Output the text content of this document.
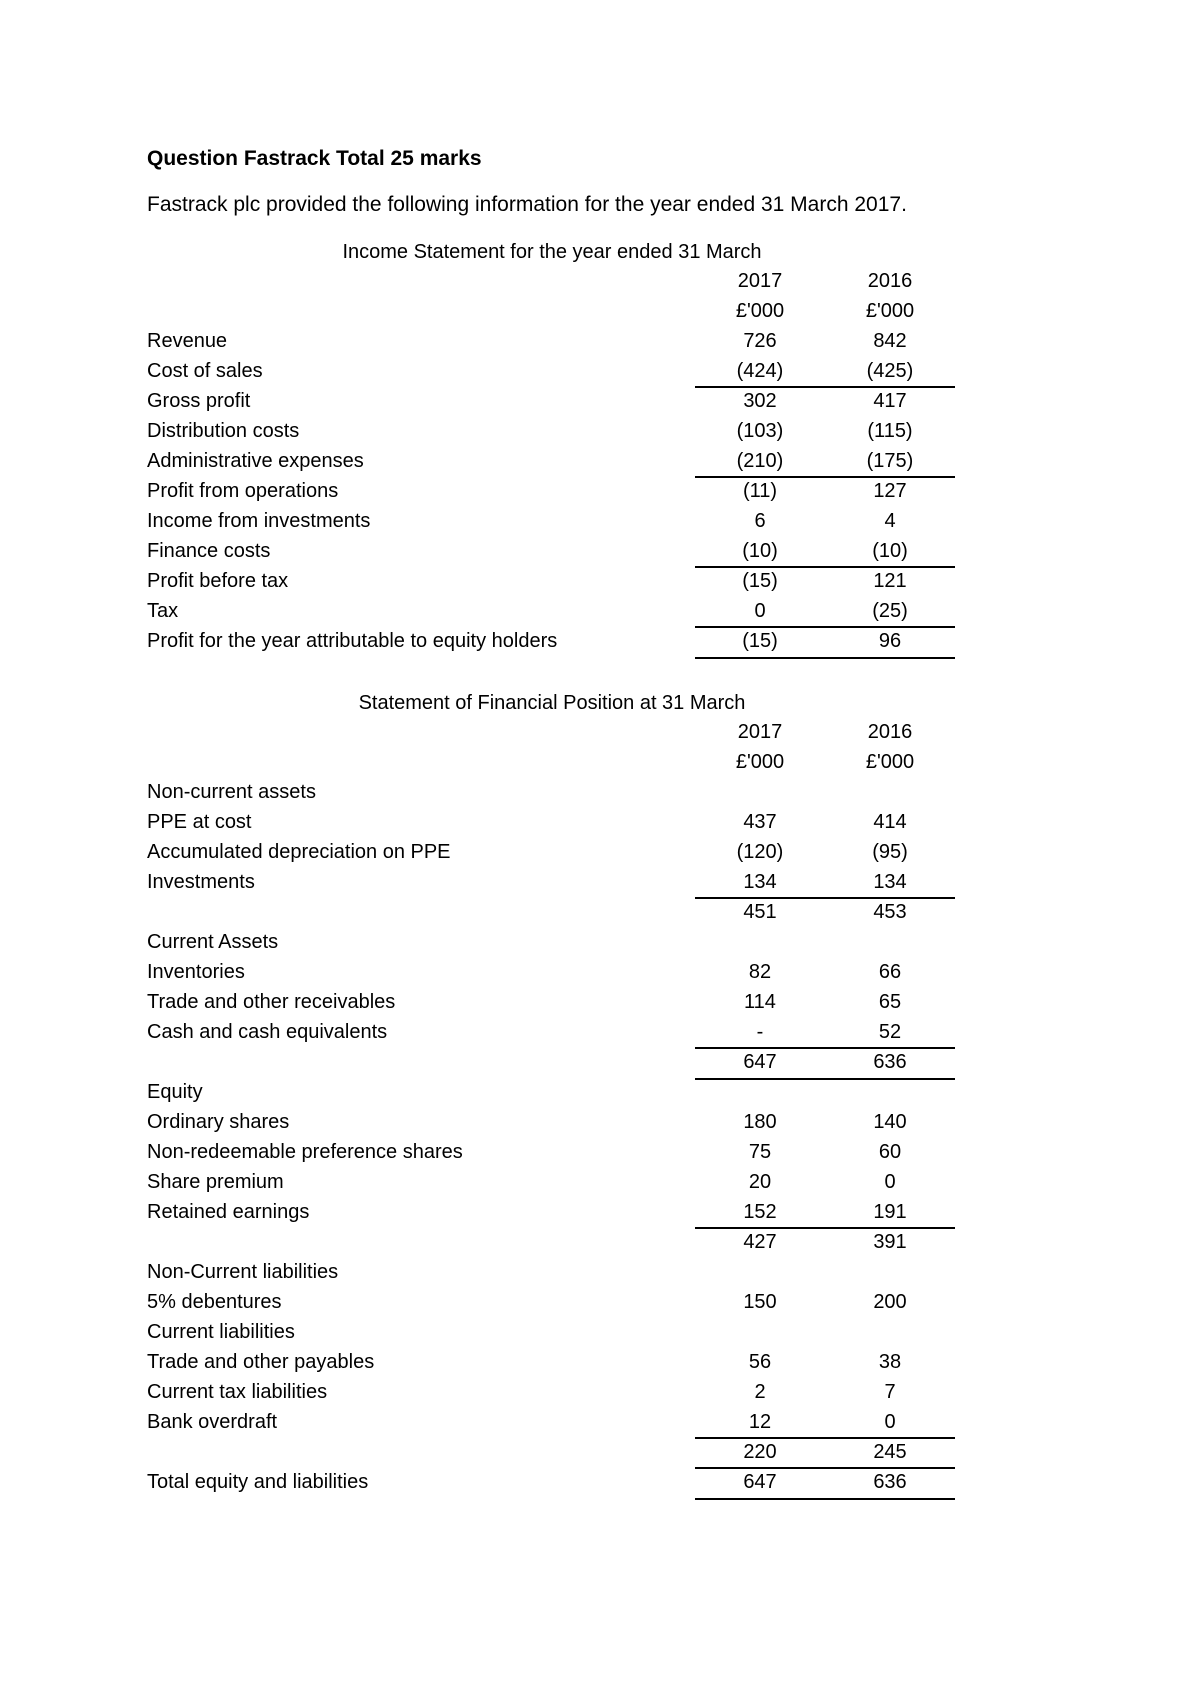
Question Fastrack Total 25 marks
Fastrack plc provided the following information for the year ended 31 March 2017.
Income Statement for the year ended 31 March
2017	2016
£'000	£'000
Revenue	726	842
Cost of sales	(424)	(425)
Gross profit	302	417
Distribution costs	(103)	(115)
Administrative expenses	(210)	(175)
Profit from operations	(11)	127
Income from investments	6	4
Finance costs	(10)	(10)
Profit before tax	(15)	121
Tax	0	(25)
Profit for the year attributable to equity holders	(15)	96
Statement of Financial Position at 31 March
2017	2016
£'000	£'000
Non-current assets
PPE at cost	437	414
Accumulated depreciation on PPE	(120)	(95)
Investments	134	134
451	453
Current Assets
Inventories	82	66
Trade and other receivables	114	65
Cash and cash equivalents	-	52
647	636
Equity
Ordinary shares	180	140
Non-redeemable preference shares	75	60
Share premium	20	0
Retained earnings	152	191
427	391
Non-Current liabilities
5% debentures	150	200
Current liabilities
Trade and other payables	56	38
Current tax liabilities	2	7
Bank overdraft	12	0
220	245
Total equity and liabilities	647	636
